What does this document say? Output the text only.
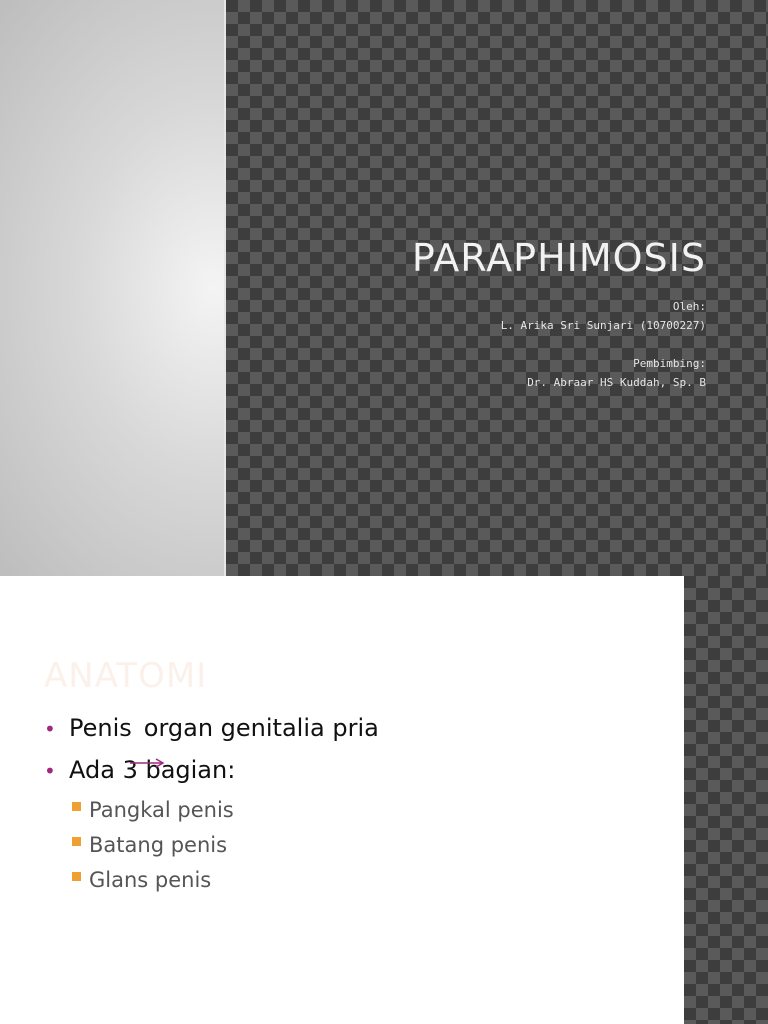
PARAPHIMOSIS
Oleh:
L. Arika Sri Sunjari (10700227)
Pembimbing:
Dr. Abraar HS Kuddah, Sp. B
ANATOMI
• Penis organ genitalia pria
• Ada 3 bagian:
Pangkal penis
Batang penis
Glans penis
